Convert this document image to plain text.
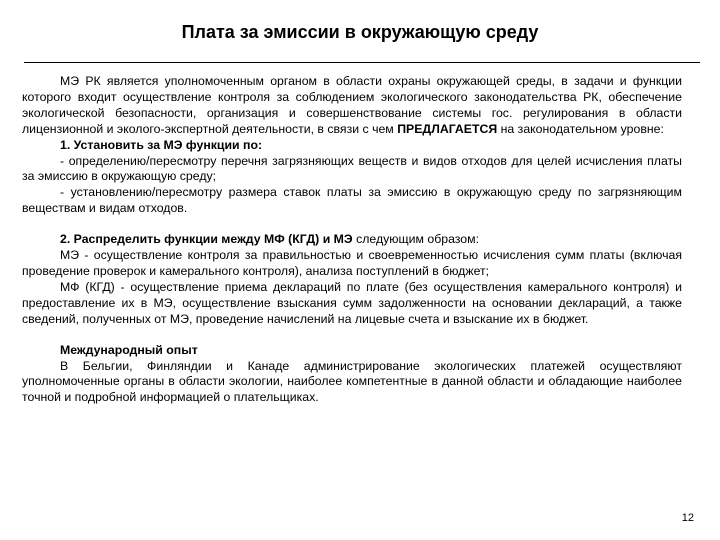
Плата за эмиссии в окружающую среду

МЭ РК является уполномоченным органом в области охраны окружающей среды, в задачи и функции которого входит осуществление контроля за соблюдением экологического законодательства РК, обеспечение экологической безопасности, организация и совершенствование системы гос. регулирования в области лицензионной и эколого-экспертной деятельности, в связи с чем ПРЕДЛАГАЕТСЯ на законодательном уровне:

1. Установить за МЭ функции по:

- определению/пересмотру перечня загрязняющих веществ и видов отходов для целей исчисления платы за эмиссию в окружающую среду;

- установлению/пересмотру размера ставок платы за эмиссию в окружающую среду по загрязняющим веществам и видам отходов.

2. Распределить функции между МФ (КГД) и МЭ следующим образом:

МЭ - осуществление контроля за правильностью и своевременностью исчисления сумм платы (включая проведение проверок и камерального контроля), анализа поступлений в бюджет;

МФ (КГД) - осуществление приема деклараций по плате (без осуществления камерального контроля) и предоставление их в МЭ, осуществление взыскания сумм задолженности на основании деклараций, а также сведений, полученных от МЭ, проведение начислений на лицевые счета и взыскание их в бюджет.

Международный опыт

В Бельгии, Финляндии и Канаде администрирование экологических платежей осуществляют уполномоченные органы в области экологии, наиболее компетентные в данной области и обладающие наиболее точной и подробной информацией о плательщиках.

12
